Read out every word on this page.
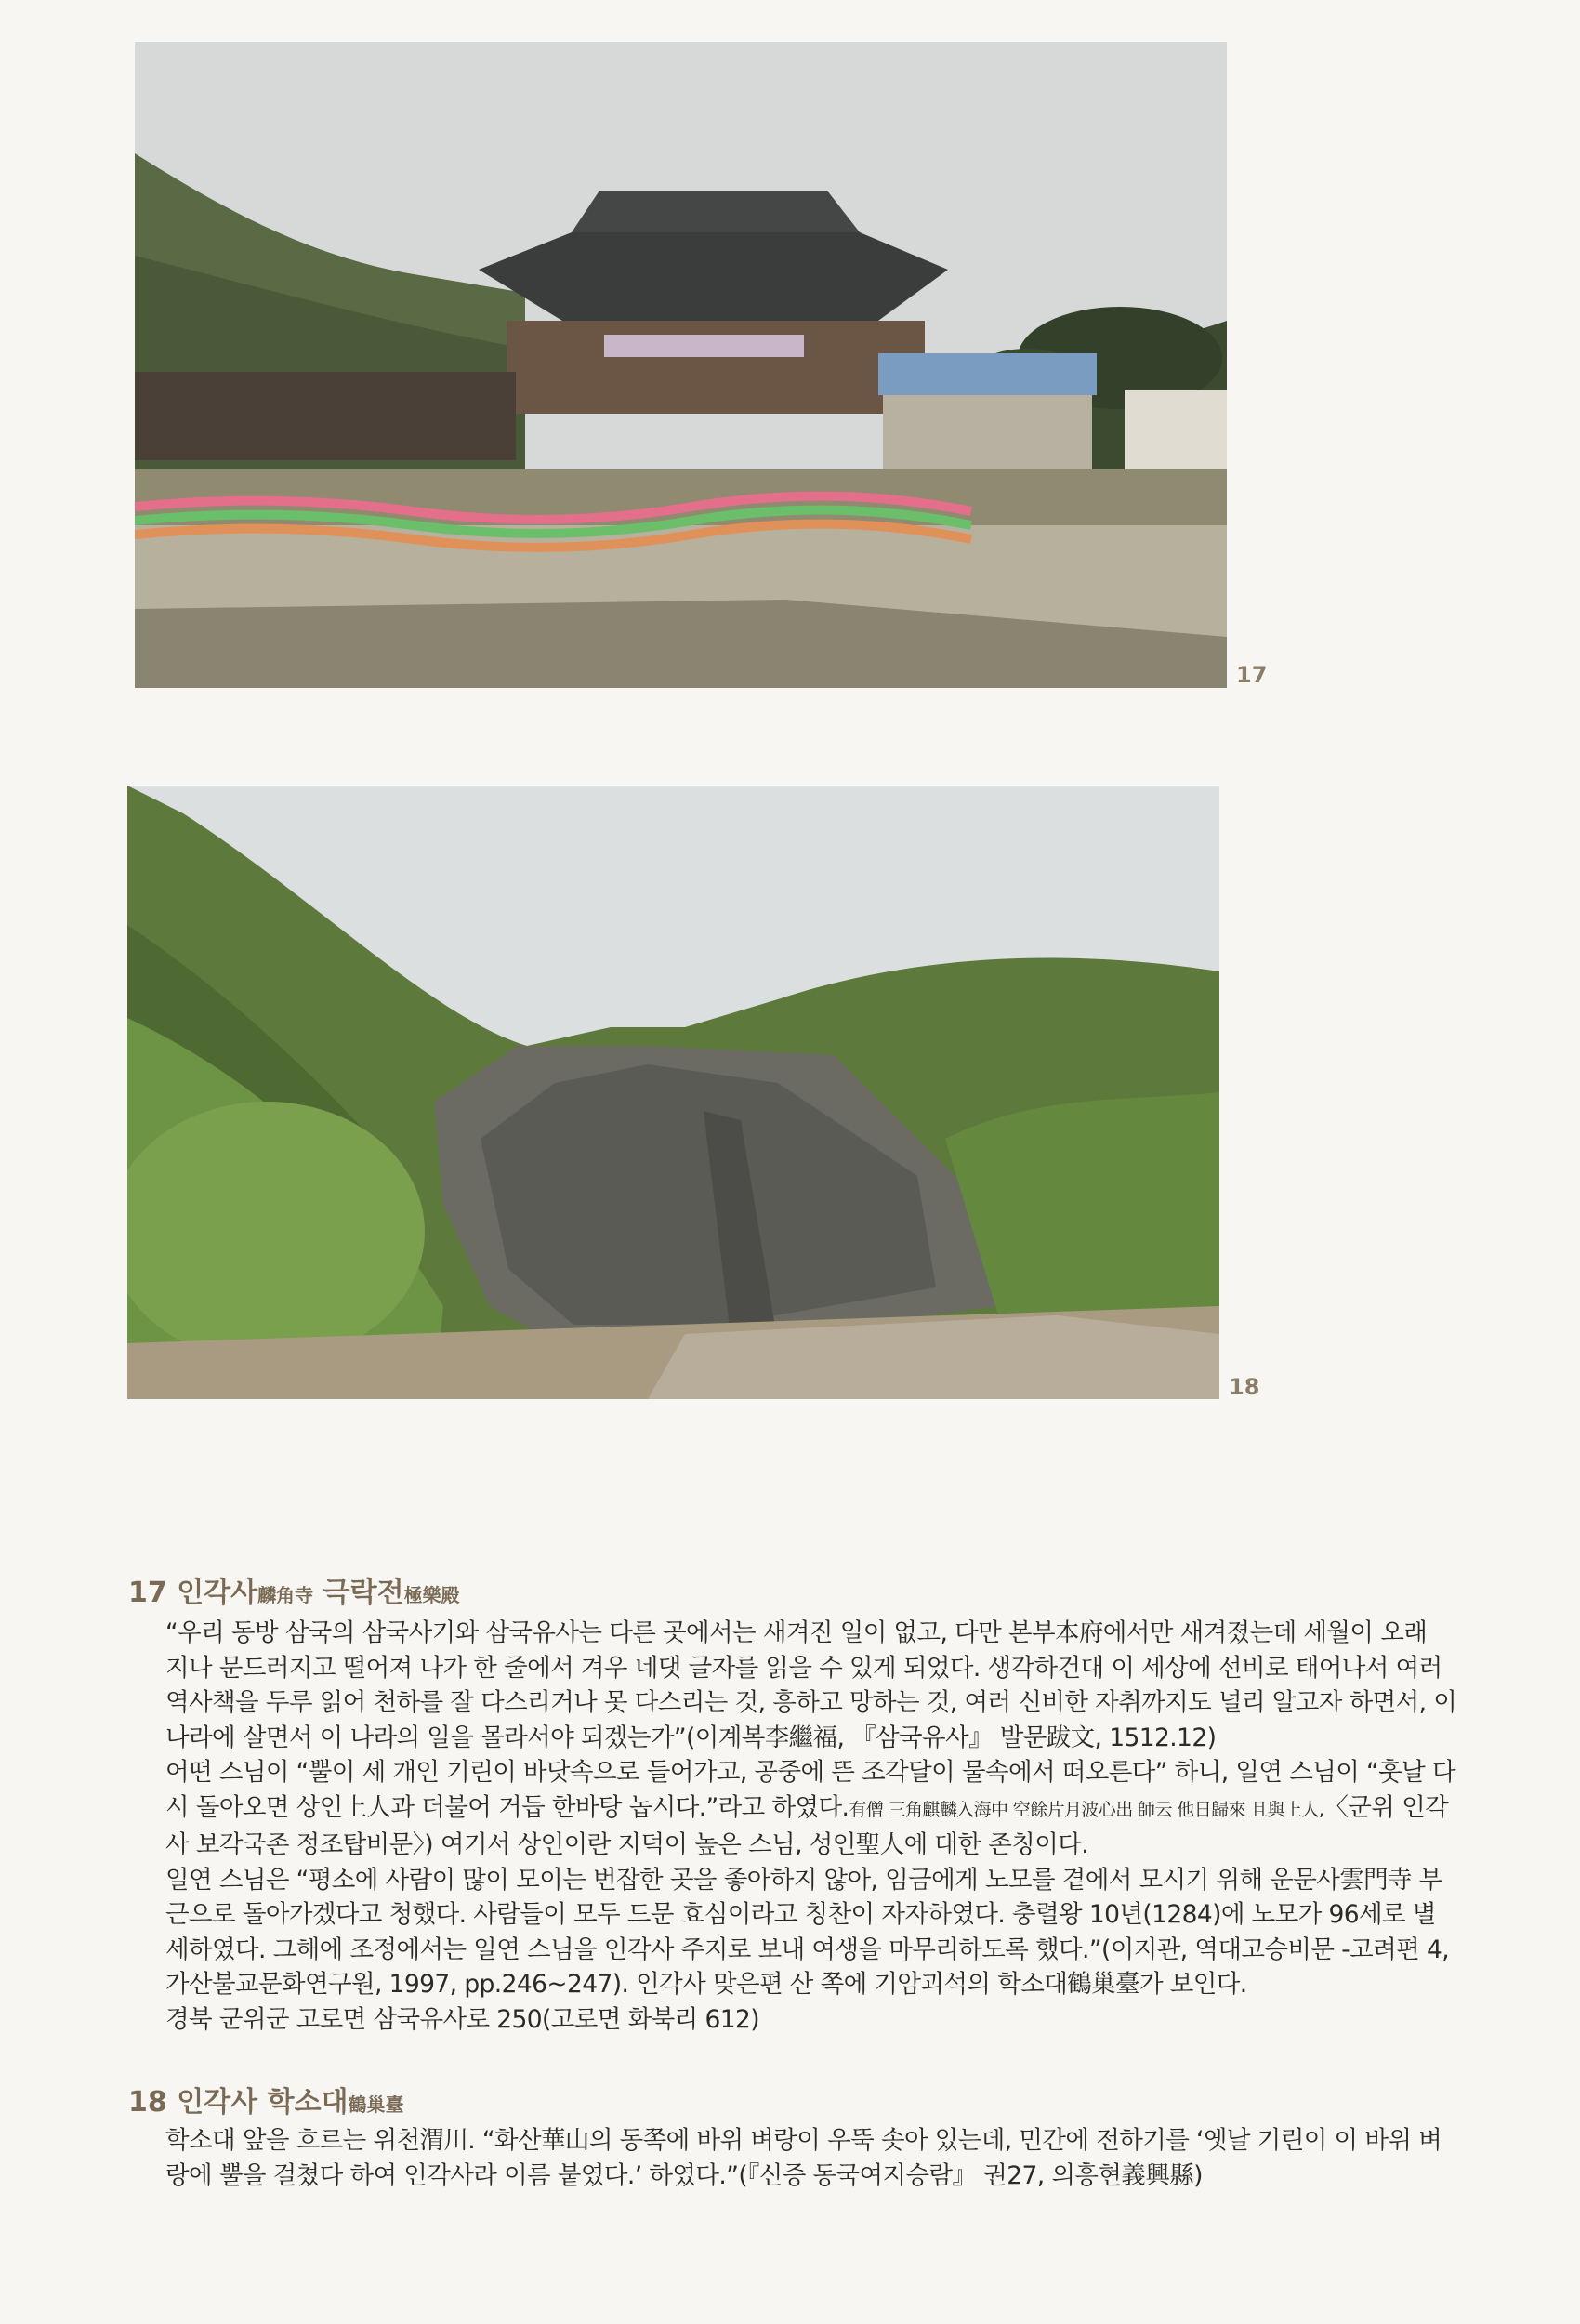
17
18
17 인각사麟角寺 극락전極樂殿

“우리 동방 삼국의 삼국사기와 삼국유사는 다른 곳에서는 새겨진 일이 없고, 다만 본부本府에서만 새겨졌는데 세월이 오래 지나 문드러지고 떨어져 나가 한 줄에서 겨우 네댓 글자를 읽을 수 있게 되었다. 생각하건대 이 세상에 선비로 태어나서 여러 역사책을 두루 읽어 천하를 잘 다스리거나 못 다스리는 것, 흥하고 망하는 것, 여러 신비한 자취까지도 널리 알고자 하면서, 이 나라에 살면서 이 나라의 일을 몰라서야 되겠는가”(이계복李繼福, 『삼국유사』 발문跋文, 1512.12)

어떤 스님이 “뿔이 세 개인 기린이 바닷속으로 들어가고, 공중에 뜬 조각달이 물속에서 떠오른다” 하니, 일연 스님이 “훗날 다시 돌아오면 상인上人과 더불어 거듭 한바탕 놉시다.”라고 하였다.有僧 三角麒麟入海中 空餘片月波心出 師云 他日歸來 且與上人,〈군위 인각사 보각국존 정조탑비문〉) 여기서 상인이란 지덕이 높은 스님, 성인聖人에 대한 존칭이다.

일연 스님은 “평소에 사람이 많이 모이는 번잡한 곳을 좋아하지 않아, 임금에게 노모를 곁에서 모시기 위해 운문사雲門寺 부근으로 돌아가겠다고 청했다. 사람들이 모두 드문 효심이라고 칭찬이 자자하였다. 충렬왕 10년(1284)에 노모가 96세로 별세하였다. 그해에 조정에서는 일연 스님을 인각사 주지로 보내 여생을 마무리하도록 했다.”(이지관, 역대고승비문 -고려편 4, 가산불교문화연구원, 1997, pp.246~247). 인각사 맞은편 산 쪽에 기암괴석의 학소대鶴巢臺가 보인다.

경북 군위군 고로면 삼국유사로 250(고로면 화북리 612)

18 인각사 학소대鶴巢臺

학소대 앞을 흐르는 위천渭川. “화산華山의 동쪽에 바위 벼랑이 우뚝 솟아 있는데, 민간에 전하기를 ‘옛날 기린이 이 바위 벼랑에 뿔을 걸쳤다 하여 인각사라 이름 붙였다.’ 하였다.”(『신증 동국여지승람』 권27, 의흥현義興縣)
